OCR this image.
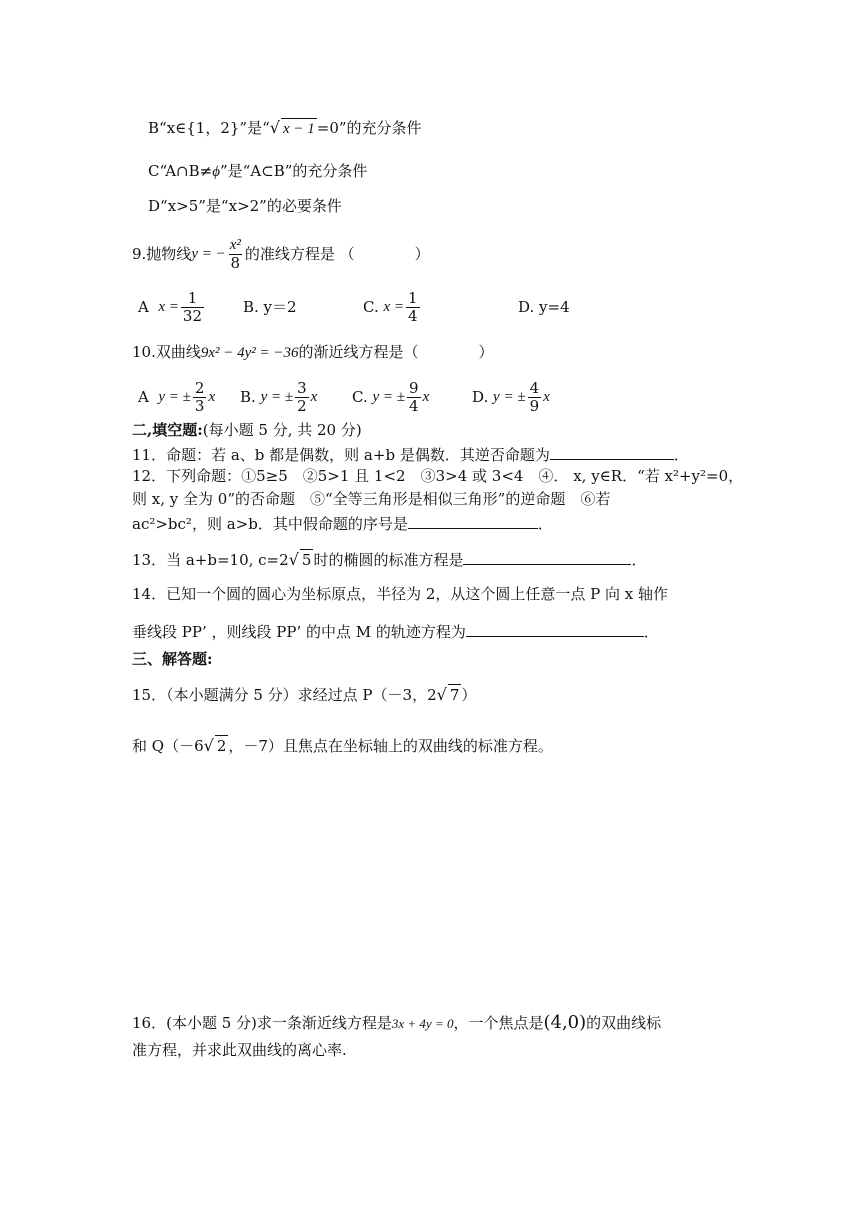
B“x∈{1，2}”是“√ x − 1 =0”的充分条件
C“A∩B≠ϕ”是“A⊂B”的充分条件
D“x>5”是“x>2”的必要条件
9.抛物线 y = − $\frac{\text{x²}}{8}$ 的准线方程是 （　　　　）
A
$x = \frac{1}{32}$	B. y＝2	C.
$x = \frac{1}{4}$	D. y=4
10.双曲线9x² − 4y² = −36的渐近线方程是（　　　　）
A
y = ± $\frac{2}{3}$ x B.
y = ± $\frac{3}{2}$ x C.
y = ± $\frac{9}{4}$ x	D.
y = ± $\frac{4}{9}$ x
二,填空题:(每小题 5 分, 共 20 分)
11．命题：若 a、b 都是偶数，则 a+b 是偶数．其逆否命题为	．
12．下列命题：①5≥5　②5>1 且 1<2　③3>4 或 3<4　④． x, y∈R．“若 x²+y²=0，
则 x, y 全为 0”的否命题　⑤“全等三角形是相似三角形”的逆命题　⑥若
ac²>bc²，则 a>b．其中假命题的序号是	．
13．当 a+b=10, c=2√ 5 时的椭圆的标准方程是	．
14．已知一个圆的圆心为坐标原点，半径为 2，从这个圆上任意一点 P 向 x 轴作
垂线段 PP’ ，则线段 PP’ 的中点 M 的轨迹方程为	．
三、解答题:
15．（本小题满分 5 分）求经过点 P（－3，2√ 7 ）
和 Q（－6√ 2 ，－7）且焦点在坐标轴上的双曲线的标准方程。
16．(本小题 5 分)求一条渐近线方程是3x + 4y = 0，一个焦点是(4,0)的双曲线标
准方程，并求此双曲线的离心率.
